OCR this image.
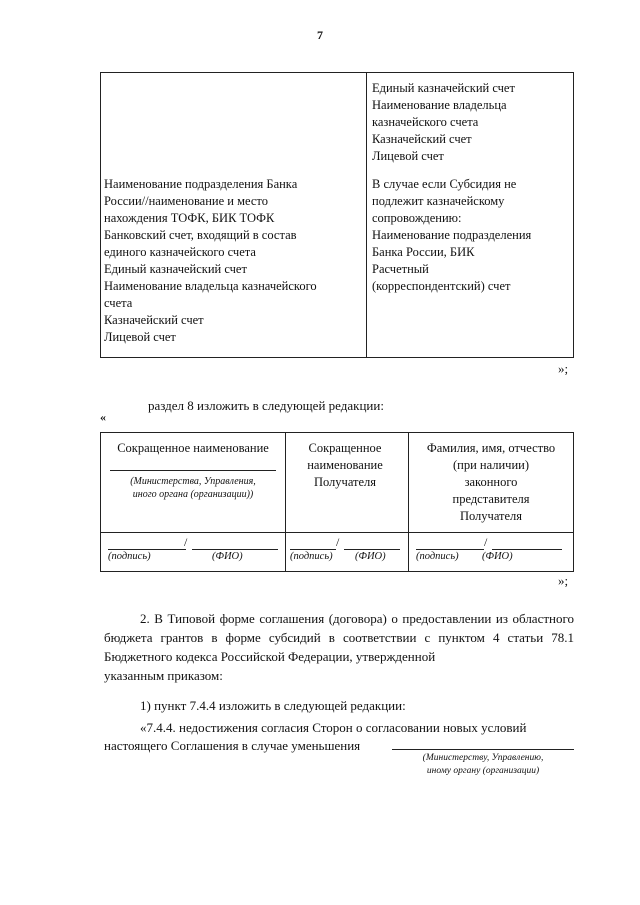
7
Единый казначейский счет
Наименование владельца
казначейского счета
Казначейский счет
Лицевой счет
Наименование подразделения Банка
России//наименование и место
нахождения ТОФК, БИК ТОФК
Банковский счет, входящий в состав
единого казначейского счета
Единый казначейский счет
Наименование владельца казначейского
счета
Казначейский счет
Лицевой счет
В случае если Субсидия не
подлежит казначейскому
сопровождению:
Наименование подразделения
Банка России, БИК
Расчетный
(корреспондентский) счет
»;
раздел 8 изложить в следующей редакции:
«
Сокращенное наименование
(Министерства, Управления,
иного органа (организации))
Сокращенное
наименование
Получателя
Фамилия, имя, отчество
(при наличии)
законного
представителя
Получателя
/
(подпись)	(ФИО)
/
(подпись) (ФИО)
/
(подпись) (ФИО)
»;
2. В Типовой форме соглашения (договора) о предоставлении из областного бюджета грантов в форме субсидий в соответствии с пунктом 4 статьи 78.1 Бюджетного кодекса Российской Федерации, утвержденной
указанным приказом:
1) пункт 7.4.4 изложить в следующей редакции:
«7.4.4. недостижения согласия Сторон о согласовании новых условий
настоящего Соглашения в случае уменьшения
(Министерству, Управлению,
иному органу (организации)
